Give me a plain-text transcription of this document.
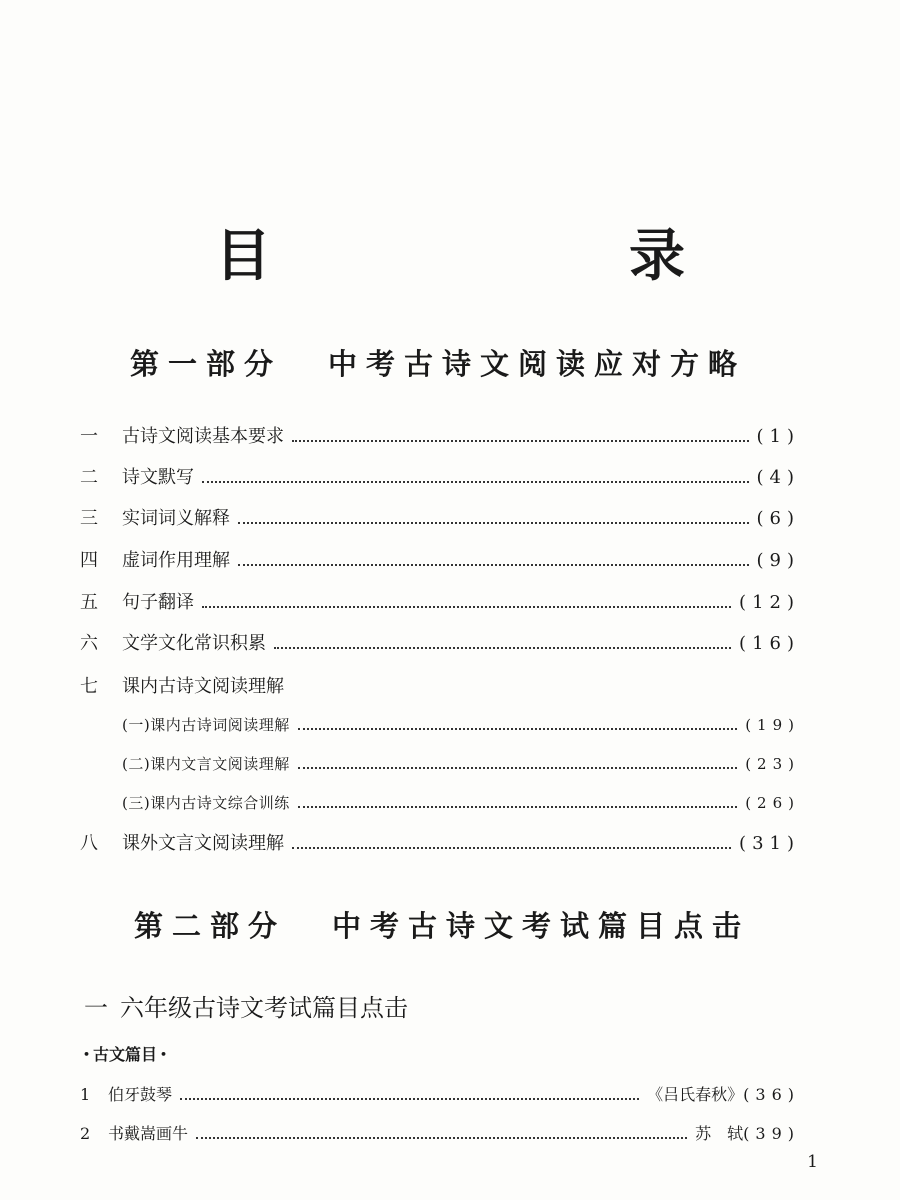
目　　录
第一部分 中考古诗文阅读应对方略
一	古诗文阅读基本要求	(1)
二	诗文默写	(4)
三	实词词义解释	(6)
四	虚词作用理解	(9)
五	句子翻译	(12)
六	文学文化常识积累	(16)
七	课内古诗文阅读理解
(一)课内古诗词阅读理解	(19)
(二)课内文言文阅读理解	(23)
(三)课内古诗文综合训练	(26)
八	课外文言文阅读理解	(31)
第二部分 中考古诗文考试篇目点击
一 六年级古诗文考试篇目点击
• 古文篇目 •
1	伯牙鼓琴	《吕氏春秋》 (36)
2	书戴嵩画牛	苏　轼 (39)
1
